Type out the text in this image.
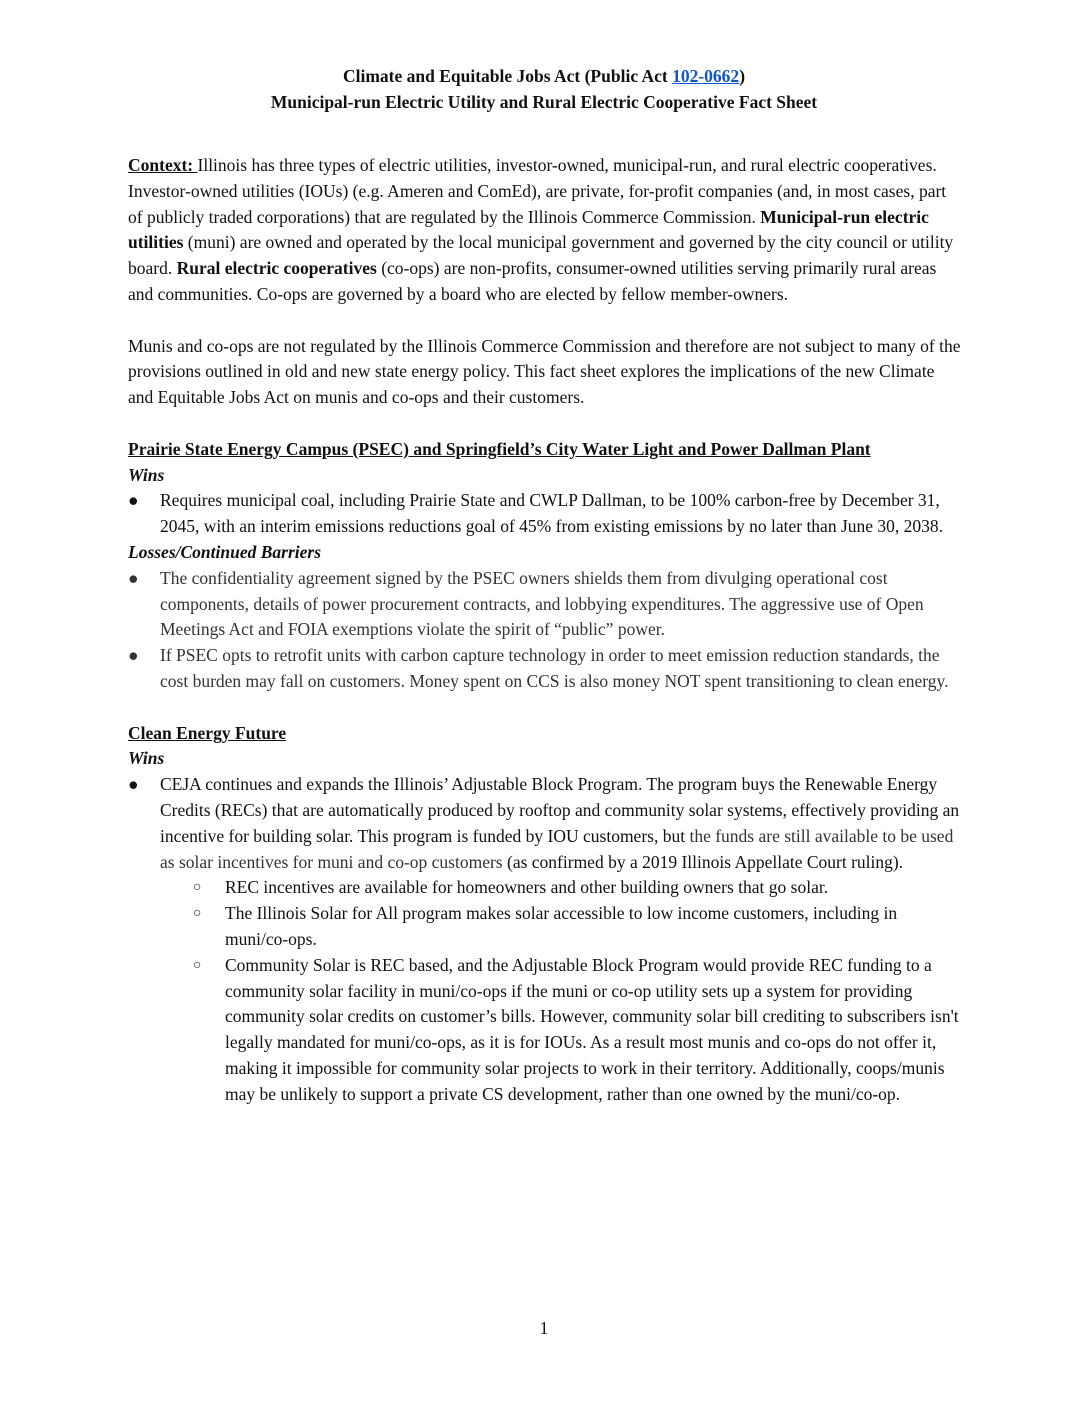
Climate and Equitable Jobs Act (Public Act 102-0662)
Municipal-run Electric Utility and Rural Electric Cooperative Fact Sheet

Context: Illinois has three types of electric utilities, investor-owned, municipal-run, and rural electric cooperatives. Investor-owned utilities (IOUs) (e.g. Ameren and ComEd), are private, for-profit companies (and, in most cases, part of publicly traded corporations) that are regulated by the Illinois Commerce Commission. Municipal-run electric utilities (muni) are owned and operated by the local municipal government and governed by the city council or utility board. Rural electric cooperatives (co-ops) are non-profits, consumer-owned utilities serving primarily rural areas and communities. Co-ops are governed by a board who are elected by fellow member-owners.

Munis and co-ops are not regulated by the Illinois Commerce Commission and therefore are not subject to many of the provisions outlined in old and new state energy policy. This fact sheet explores the implications of the new Climate and Equitable Jobs Act on munis and co-ops and their customers.

Prairie State Energy Campus (PSEC) and Springfield’s City Water Light and Power Dallman Plant
Wins
● Requires municipal coal, including Prairie State and CWLP Dallman, to be 100% carbon-free by December 31, 2045, with an interim emissions reductions goal of 45% from existing emissions by no later than June 30, 2038.
Losses/Continued Barriers
● The confidentiality agreement signed by the PSEC owners shields them from divulging operational cost components, details of power procurement contracts, and lobbying expenditures. The aggressive use of Open Meetings Act and FOIA exemptions violate the spirit of “public” power.
● If PSEC opts to retrofit units with carbon capture technology in order to meet emission reduction standards, the cost burden may fall on customers. Money spent on CCS is also money NOT spent transitioning to clean energy.
Clean Energy Future
Wins
● CEJA continues and expands the Illinois’ Adjustable Block Program. The program buys the Renewable Energy Credits (RECs) that are automatically produced by rooftop and community solar systems, effectively providing an incentive for building solar. This program is funded by IOU customers, but the funds are still available to be used as solar incentives for muni and co-op customers (as confirmed by a 2019 Illinois Appellate Court ruling).
○ REC incentives are available for homeowners and other building owners that go solar.
○ The Illinois Solar for All program makes solar accessible to low income customers, including in muni/co-ops.
○ Community Solar is REC based, and the Adjustable Block Program would provide REC funding to a community solar facility in muni/co-ops if the muni or co-op utility sets up a system for providing community solar credits on customer’s bills. However, community solar bill crediting to subscribers isn't legally mandated for muni/co-ops, as it is for IOUs. As a result most munis and co-ops do not offer it, making it impossible for community solar projects to work in their territory. Additionally, coops/munis may be unlikely to support a private CS development, rather than one owned by the muni/co-op.
1
